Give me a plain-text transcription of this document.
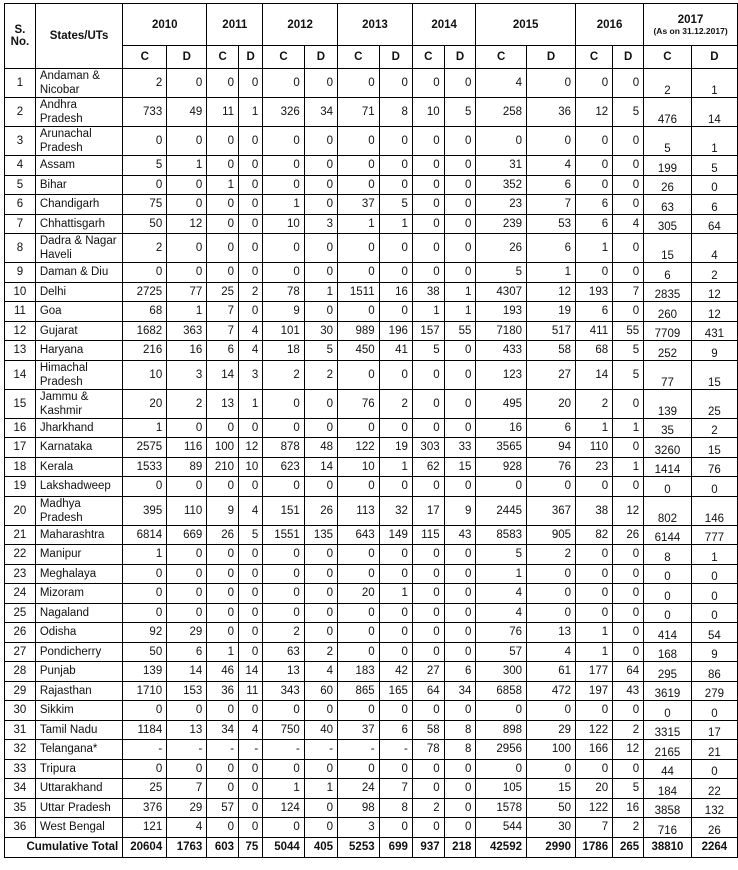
S. No.	States/UTs	2010		2011		2012		2013		2014		2015		2016		2017
(As on 31.12.2017)	

		C	D	C	D	C	D	C	D	C	D	C	D	C	D	C	D
1	Andaman & Nicobar	2	0	0	0	0	0	0	0	0	0	4	0	0	0	2	1
2	Andhra Pradesh	733	49	11	1	326	34	71	8	10	5	258	36	12	5	476	14
3	Arunachal Pradesh	0	0	0	0	0	0	0	0	0	0	0	0	0	0	5	1
4	Assam	5	1	0	0	0	0	0	0	0	0	31	4	0	0	199	5
5	Bihar	0	0	1	0	0	0	0	0	0	0	352	6	0	0	26	0
6	Chandigarh	75	0	0	0	1	0	37	5	0	0	23	7	6	0	63	6
7	Chhattisgarh	50	12	0	0	10	3	1	1	0	0	239	53	6	4	305	64
8	Dadra & Nagar Haveli	2	0	0	0	0	0	0	0	0	0	26	6	1	0	15	4
9	Daman & Diu	0	0	0	0	0	0	0	0	0	0	5	1	0	0	6	2
10	Delhi	2725	77	25	2	78	1	1511	16	38	1	4307	12	193	7	2835	12
11	Goa	68	1	7	0	9	0	0	0	1	1	193	19	6	0	260	12
12	Gujarat	1682	363	7	4	101	30	989	196	157	55	7180	517	411	55	7709	431
13	Haryana	216	16	6	4	18	5	450	41	5	0	433	58	68	5	252	9
14	Himachal Pradesh	10	3	14	3	2	2	0	0	0	0	123	27	14	5	77	15
15	Jammu & Kashmir	20	2	13	1	0	0	76	2	0	0	495	20	2	0	139	25
16	Jharkhand	1	0	0	0	0	0	0	0	0	0	16	6	1	1	35	2
17	Karnataka	2575	116	100	12	878	48	122	19	303	33	3565	94	110	0	3260	15
18	Kerala	1533	89	210	10	623	14	10	1	62	15	928	76	23	1	1414	76
19	Lakshadweep	0	0	0	0	0	0	0	0	0	0	0	0	0	0	0	0
20	Madhya Pradesh	395	110	9	4	151	26	113	32	17	9	2445	367	38	12	802	146
21	Maharashtra	6814	669	26	5	1551	135	643	149	115	43	8583	905	82	26	6144	777
22	Manipur	1	0	0	0	0	0	0	0	0	0	5	2	0	0	8	1
23	Meghalaya	0	0	0	0	0	0	0	0	0	0	1	0	0	0	0	0
24	Mizoram	0	0	0	0	0	0	20	1	0	0	4	0	0	0	0	0
25	Nagaland	0	0	0	0	0	0	0	0	0	0	4	0	0	0	0	0
26	Odisha	92	29	0	0	2	0	0	0	0	0	76	13	1	0	414	54
27	Pondicherry	50	6	1	0	63	2	0	0	0	0	57	4	1	0	168	9
28	Punjab	139	14	46	14	13	4	183	42	27	6	300	61	177	64	295	86
29	Rajasthan	1710	153	36	11	343	60	865	165	64	34	6858	472	197	43	3619	279
30	Sikkim	0	0	0	0	0	0	0	0	0	0	0	0	0	0	0	0
31	Tamil Nadu	1184	13	34	4	750	40	37	6	58	8	898	29	122	2	3315	17
32	Telangana*	-	-	-	-	-	-	-	-	78	8	2956	100	166	12	2165	21
33	Tripura	0	0	0	0	0	0	0	0	0	0	0	0	0	0	44	0
34	Uttarakhand	25	7	0	0	1	1	24	7	0	0	105	15	20	5	184	22
35	Uttar Pradesh	376	29	57	0	124	0	98	8	2	0	1578	50	122	16	3858	132
36	West Bengal	121	4	0	0	0	0	3	0	0	0	544	30	7	2	716	26
Cumulative Total		20604	1763	603	75	5044	405	5253	699	937	218	42592	2990	1786	265	38810	2264
